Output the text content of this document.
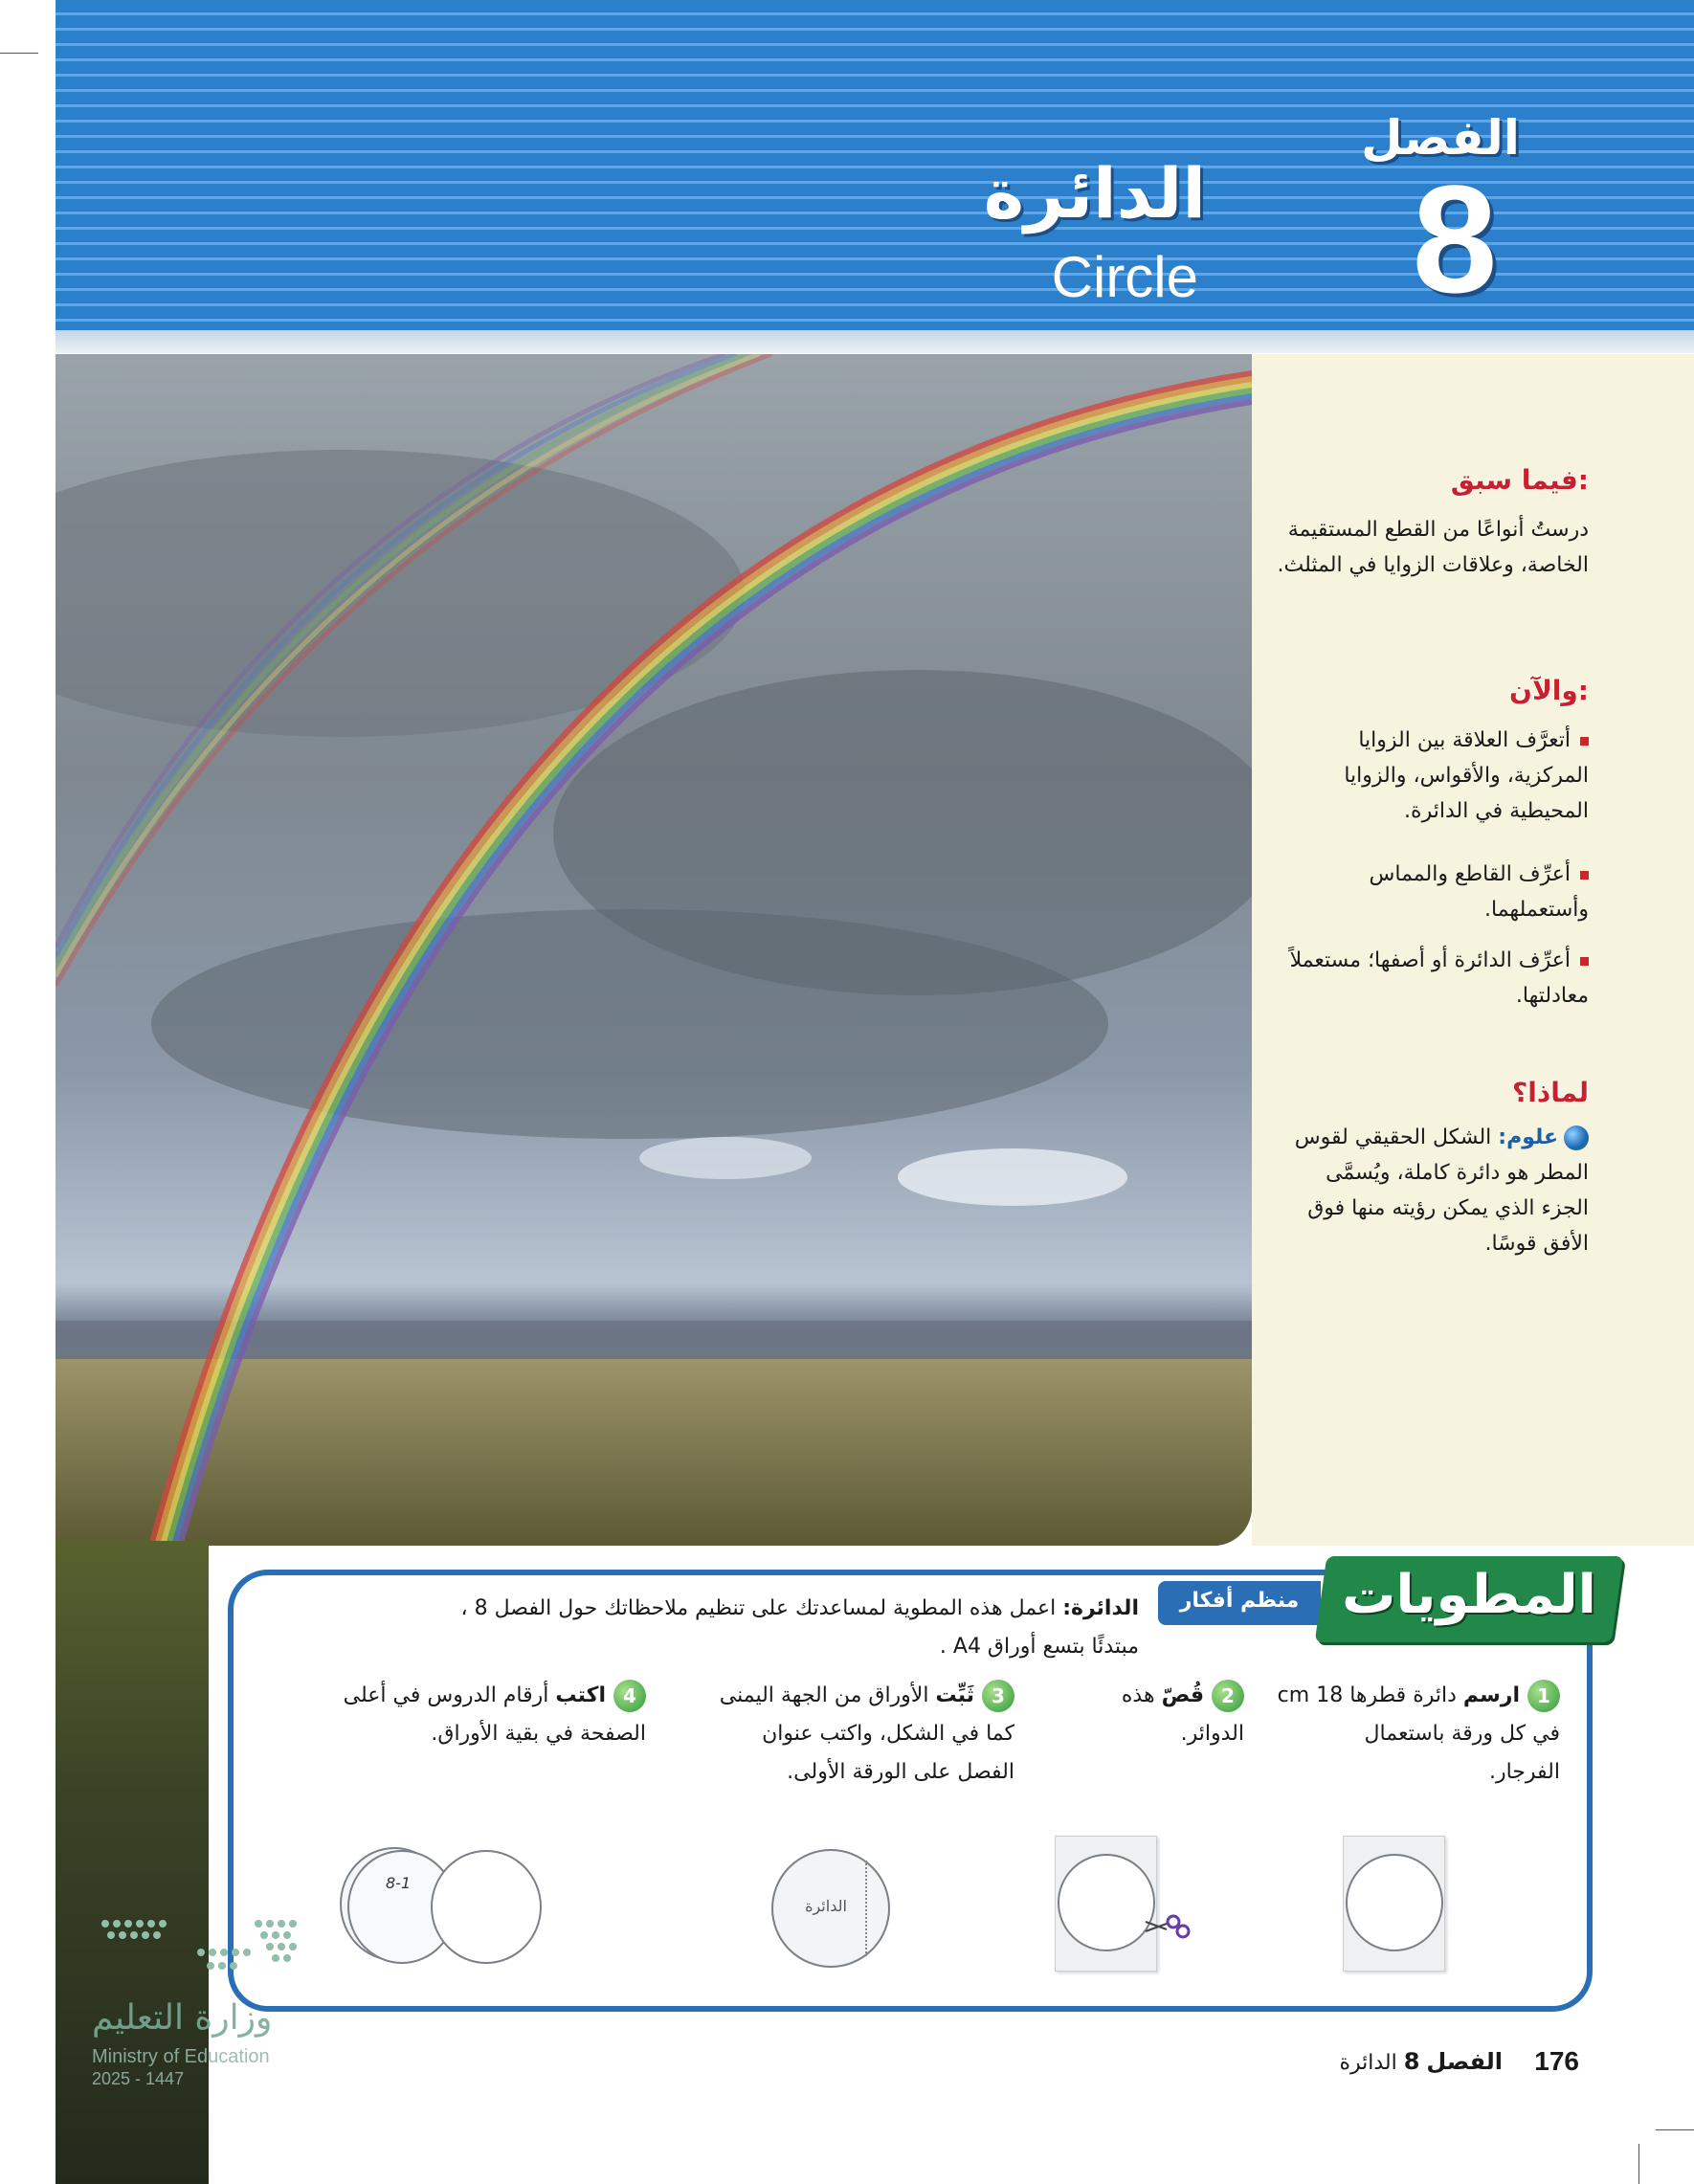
الفصل
8
الدائرة
Circle
فيما سبق:
درستُ أنواعًا من القطع المستقيمة الخاصة، وعلاقات الزوايا في المثلث.
والآن:
أتعرَّف العلاقة بين الزوايا المركزية، والأقواس، والزوايا المحيطية في الدائرة.
أعرِّف القاطع والمماس وأستعملهما.
أعرِّف الدائرة أو أصفها؛ مستعملاً معادلتها.
لماذا؟
علوم: الشكل الحقيقي لقوس المطر هو دائرة كاملة، ويُسمَّى الجزء الذي يمكن رؤيته منها فوق الأفق قوسًا.
منظم أفكار المطويات
الدائرة: اعمل هذه المطوية لمساعدتك على تنظيم ملاحظاتك حول الفصل 8 ،
مبتدئًا بتسع أوراق A4 .
1ارسم دائرة قطرها 18 cm
في كل ورقة باستعمال
الفرجار.
2قُصّ هذه
الدوائر.
3ثَبِّت الأوراق من الجهة اليمنى
كما في الشكل، واكتب عنوان
الفصل على الورقة الأولى.
4اكتب أرقام الدروس في أعلى
الصفحة في بقية الأوراق.
الدائرة
8-1
وزارة التعليم
Ministry of Education
2025 - 1447
176
الفصل 8 الدائرة
